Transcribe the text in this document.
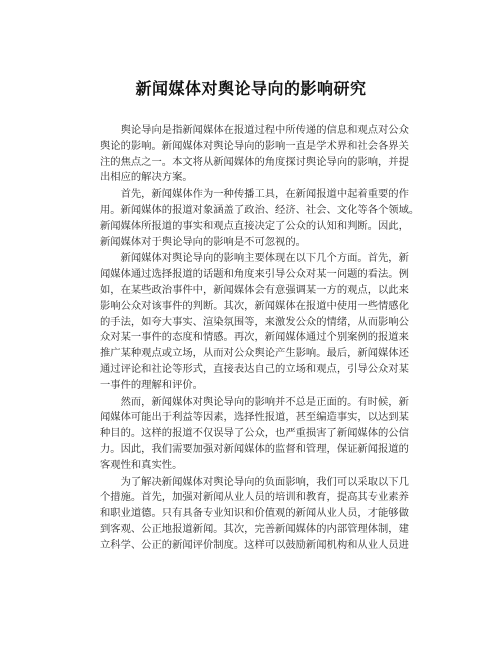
新闻媒体对舆论导向的影响研究
　　舆论导向是指新闻媒体在报道过程中所传递的信息和观点对公众
舆论的影响。新闻媒体对舆论导向的影响一直是学术界和社会各界关
注的焦点之一。本文将从新闻媒体的角度探讨舆论导向的影响，并提
出相应的解决方案。
　　首先，新闻媒体作为一种传播工具，在新闻报道中起着重要的作
用。新闻媒体的报道对象涵盖了政治、经济、社会、文化等各个领域。
新闻媒体所报道的事实和观点直接决定了公众的认知和判断。因此，
新闻媒体对于舆论导向的影响是不可忽视的。
　　新闻媒体对舆论导向的影响主要体现在以下几个方面。首先，新
闻媒体通过选择报道的话题和角度来引导公众对某一问题的看法。例
如，在某些政治事件中，新闻媒体会有意强调某一方的观点，以此来
影响公众对该事件的判断。其次，新闻媒体在报道中使用一些情感化
的手法，如夸大事实、渲染氛围等，来激发公众的情绪，从而影响公
众对某一事件的态度和情感。再次，新闻媒体通过个别案例的报道来
推广某种观点或立场，从而对公众舆论产生影响。最后，新闻媒体还
通过评论和社论等形式，直接表达自己的立场和观点，引导公众对某
一事件的理解和评价。
　　然而，新闻媒体对舆论导向的影响并不总是正面的。有时候，新
闻媒体可能出于利益等因素，选择性报道，甚至编造事实，以达到某
种目的。这样的报道不仅误导了公众，也严重损害了新闻媒体的公信
力。因此，我们需要加强对新闻媒体的监督和管理，保证新闻报道的
客观性和真实性。
　　为了解决新闻媒体对舆论导向的负面影响，我们可以采取以下几
个措施。首先，加强对新闻从业人员的培训和教育，提高其专业素养
和职业道德。只有具备专业知识和价值观的新闻从业人员，才能够做
到客观、公正地报道新闻。其次，完善新闻媒体的内部管理体制，建
立科学、公正的新闻评价制度。这样可以鼓励新闻机构和从业人员进
